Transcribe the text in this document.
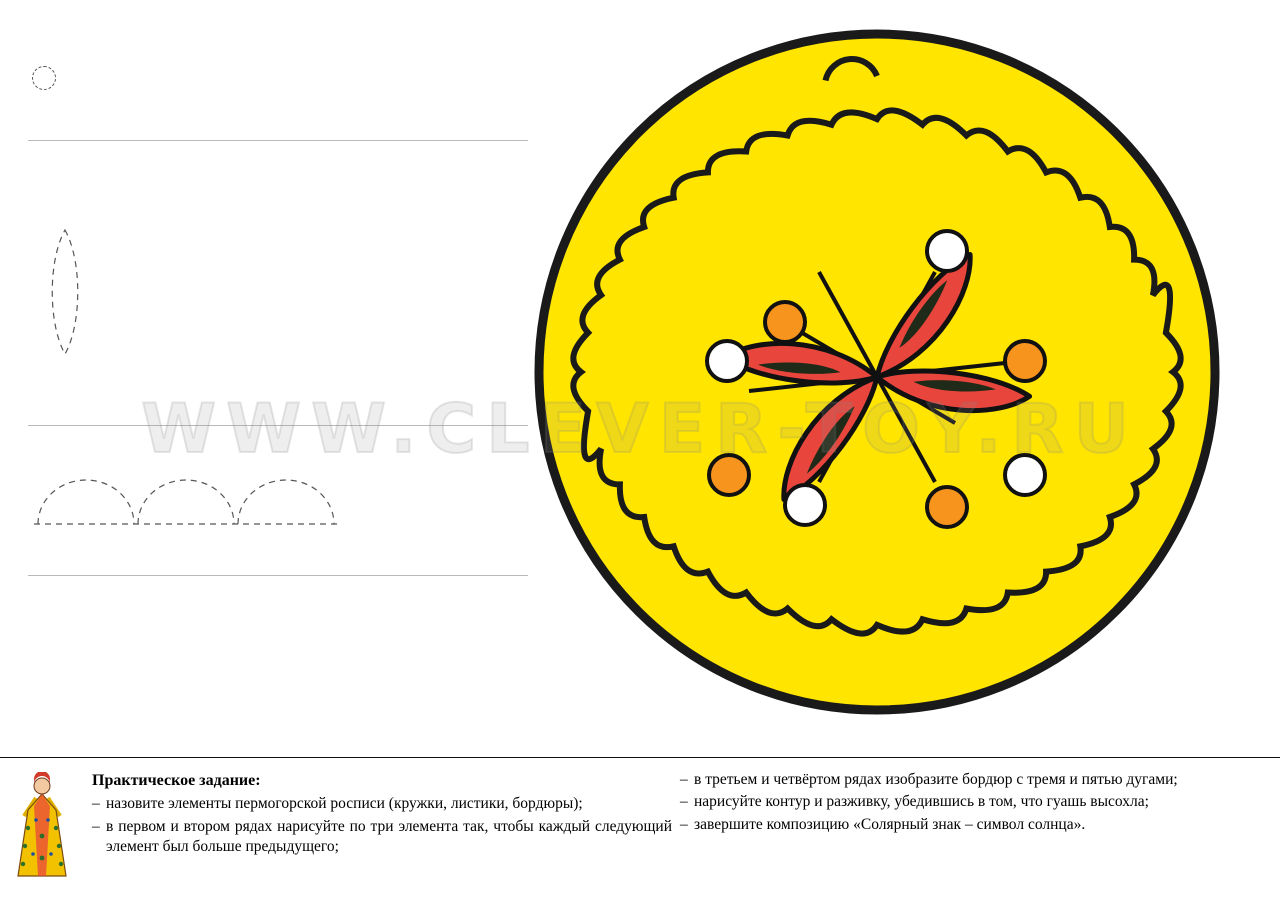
Практическое задание:

– назовите элементы пермогорской росписи (кружки, листики, бордюры);

– в первом и втором рядах нарисуйте по три элемента так, чтобы каждый следующий элемент был больше предыдущего;

– в третьем и четвёртом рядах изобразите бордюр с тремя и пятью дугами;

– нарисуйте контур и разживку, убедившись в том, что гуашь высохла;

– завершите композицию «Солярный знак – символ солнца».
